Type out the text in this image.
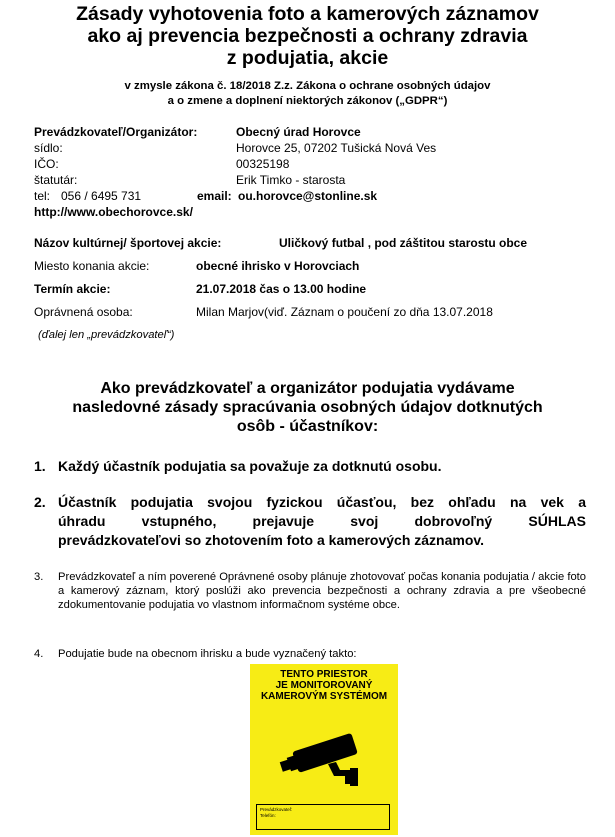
Zásady vyhotovenia foto a kamerových záznamov
ako aj prevencia bezpečnosti a ochrany zdravia
z podujatia, akcie
v zmysle zákona č. 18/2018 Z.z. Zákona o ochrane osobných údajov
a o zmene a doplnení niektorých zákonov („GDPR“)
Prevádzkovateľ/Organizátor:	Obecný úrad Horovce
sídlo:	Horovce 25, 07202 Tušická Nová Ves
IČO:	00325198
štatutár:	Erik Timko - starosta
tel: 056 / 6495 731	email: ou.horovce@stonline.sk
http://www.obechorovce.sk/
Názov kultúrnej/ športovej akcie:	Uličkový futbal , pod záštitou starostu obce
Miesto konania akcie:	obecné ihrisko v Horovciach
Termín akcie:	21.07.2018 čas o 13.00 hodine
Oprávnená osoba:	Milan Marjov(viď. Záznam o poučení zo dňa 13.07.2018
(ďalej len „prevádzkovateľ“)
Ako prevádzkovateľ a organizátor podujatia vydávame
nasledovné zásady spracúvania osobných údajov dotknutých
osôb - účastníkov:
1. Každý účastník podujatia sa považuje za dotknutú osobu.
2. Účastník podujatia svojou fyzickou účasťou, bez ohľadu na vek a
úhradu vstupného, prejavuje svoj dobrovoľný SÚHLAS
prevádzkovateľovi so zhotovením foto a kamerových záznamov.
3. Prevádzkovateľ a ním poverené Oprávnené osoby plánuje zhotovovať počas konania podujatia / akcie foto a kamerový záznam, ktorý poslúži ako prevencia bezpečnosti a ochrany zdravia a pre všeobecné zdokumentovanie podujatia vo vlastnom informačnom systéme obce.
4. Podujatie bude na obecnom ihrisku a bude vyznačený takto:
TENTO PRIESTOR
JE MONITOROVANÝ
KAMEROVÝM SYSTÉMOM
Prevádzkovateľ:
Telefón:
